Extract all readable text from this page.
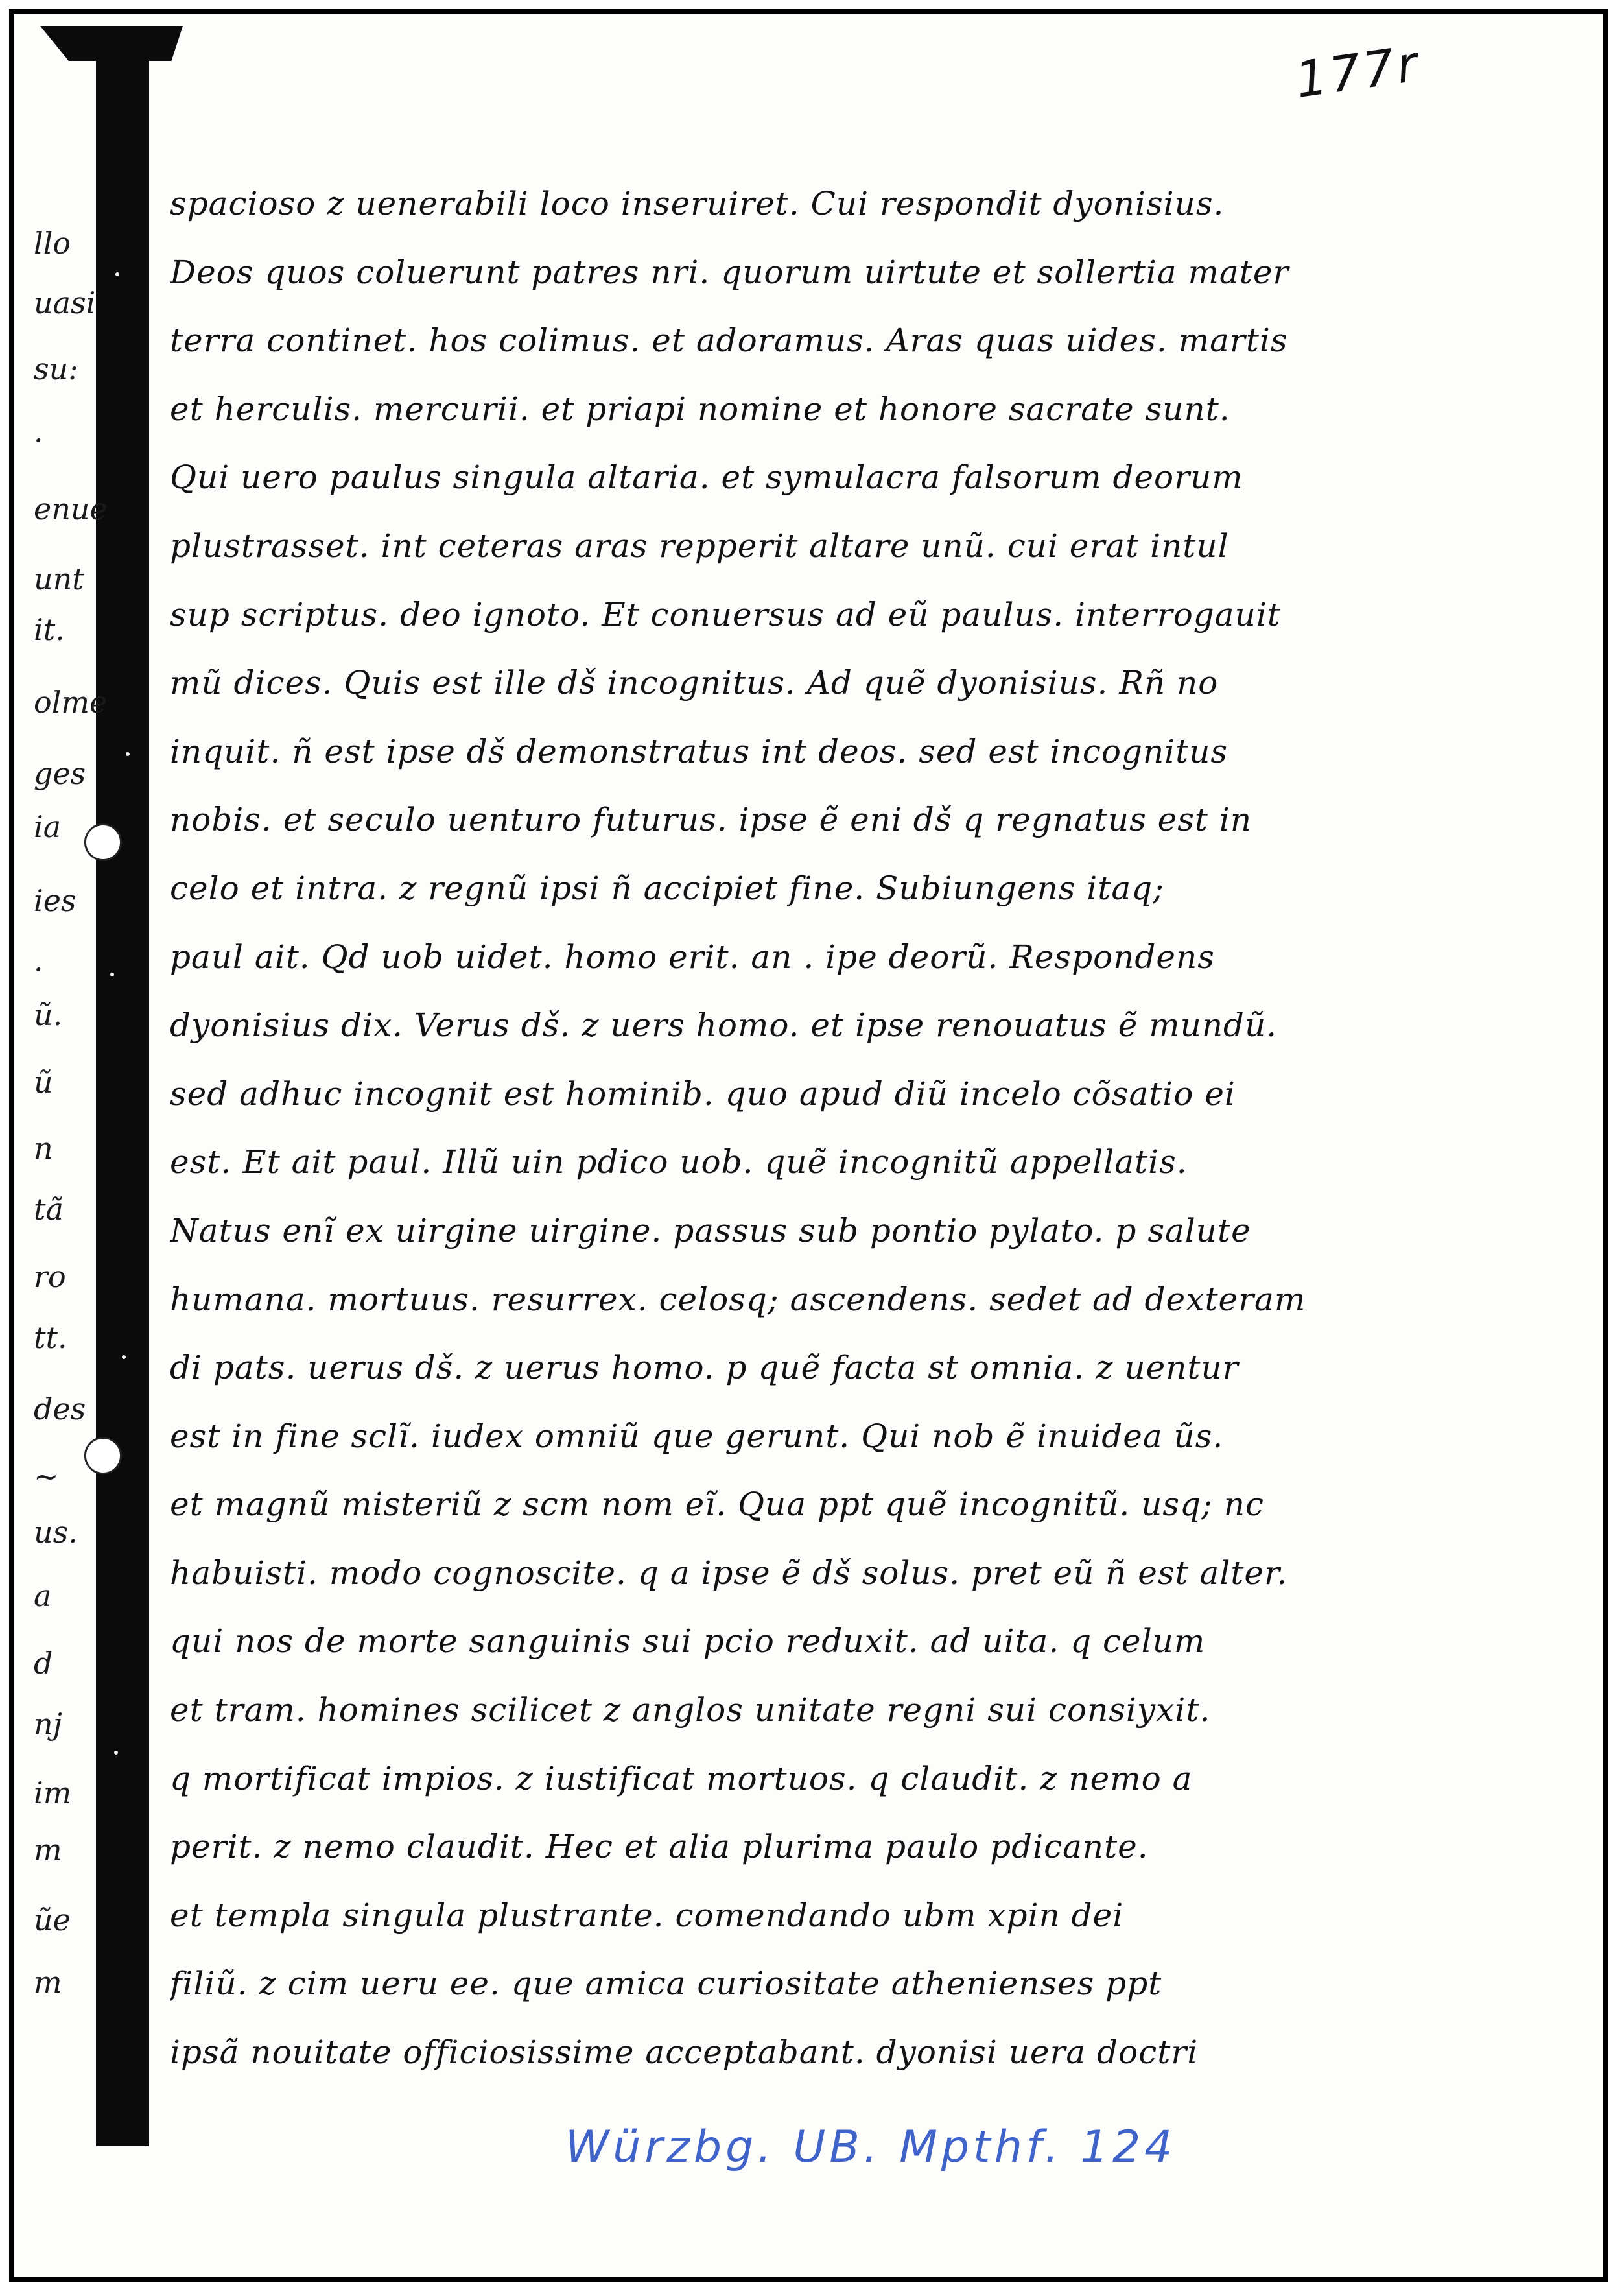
177r
llo
uasi
su:
·
enue
unt
it.
olme
ges
ia
ies
·
ũ.
ũ
n
tã
ro
tt.
des
~
us.
a
d
nj
im
m
ũe
m
spacioso z uenerabili loco inseruiret. Cui respondit dyonisius.
Deos quos coluerunt patres nri. quorum uirtute et sollertia mater
terra continet. hos colimus. et adoramus. Aras quas uides. martis
et herculis. mercurii. et priapi nomine et honore sacrate sunt.
Qui uero paulus singula altaria. et symulacra falsorum deorum
plustrasset. int ceteras aras repperit altare unũ. cui erat intul
sup scriptus. deo ignoto. Et conuersus ad eũ paulus. interrogauit
mũ dices. Quis est ille dš incognitus. Ad quẽ dyonisius. Rñ no
inquit. ñ est ipse dš demonstratus int deos. sed est incognitus
nobis. et seculo uenturo futurus. ipse ẽ eni dš q regnatus est in
celo et intra. z regnũ ipsi ñ accipiet fine. Subiungens itaq;
paul ait. Qd uob uidet. homo erit. an . ipe deorũ. Respondens
dyonisius dix. Verus dš. z uers homo. et ipse renouatus ẽ mundũ.
sed adhuc incognit est hominib. quo apud diũ incelo cõsatio ei
est. Et ait paul. Illũ uin pdico uob. quẽ incognitũ appellatis.
Natus enĩ ex uirgine uirgine. passus sub pontio pylato. p salute
humana. mortuus. resurrex. celosq; ascendens. sedet ad dexteram
di pats. uerus dš. z uerus homo. p quẽ facta st omnia. z uentur
est in fine sclĩ. iudex omniũ que gerunt. Qui nob ẽ inuidea ũs.
et magnũ misteriũ z scm nom eĩ. Qua ppt quẽ incognitũ. usq; nc
habuisti. modo cognoscite. q a ipse ẽ dš solus. pret eũ ñ est alter.
qui nos de morte sanguinis sui pcio reduxit. ad uita. q celum
et tram. homines scilicet z anglos unitate regni sui consiyxit.
q mortificat impios. z iustificat mortuos. q claudit. z nemo a
perit. z nemo claudit. Hec et alia plurima paulo pdicante.
et templa singula plustrante. comendando ubm xpin dei
filiũ. z cim ueru ee. que amica curiositate athenienses ppt
ipsã nouitate officiosissime acceptabant. dyonisi uera doctri
Würzbg. UB. Mpthf. 124
